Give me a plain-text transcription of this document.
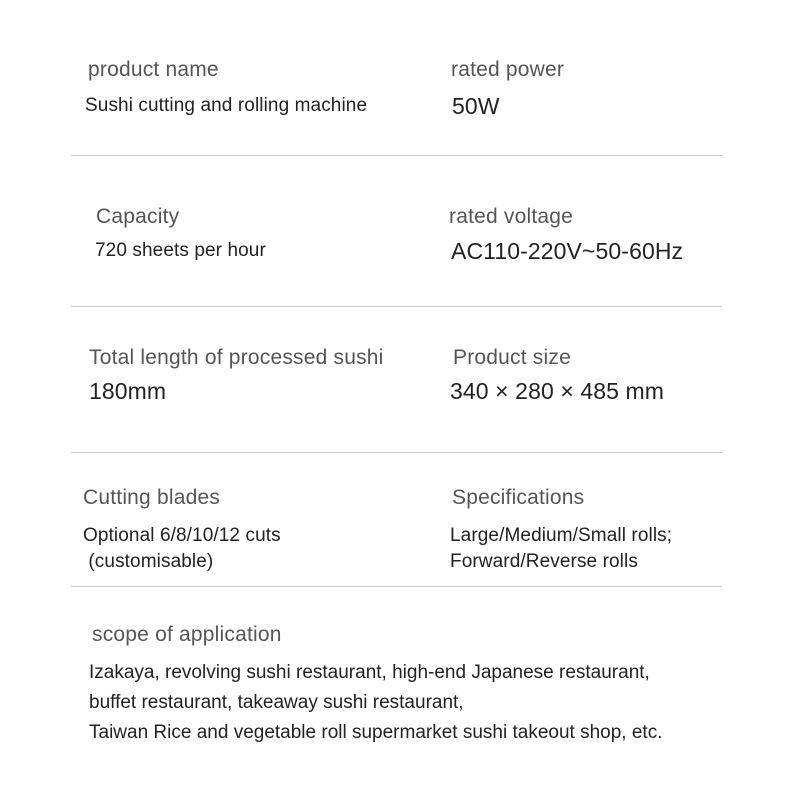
product name
Sushi cutting and rolling machine
rated power
50W
Capacity
720 sheets per hour
rated voltage
AC110-220V~50-60Hz
Total length of processed sushi
180mm
Product size
340 × 280 × 485 mm
Cutting blades
Optional 6/8/10/12 cuts
(customisable)
Specifications
Large/Medium/Small rolls;
Forward/Reverse rolls
scope of application
Izakaya, revolving sushi restaurant, high-end Japanese restaurant,
buffet restaurant, takeaway sushi restaurant,
Taiwan Rice and vegetable roll supermarket sushi takeout shop, etc.
